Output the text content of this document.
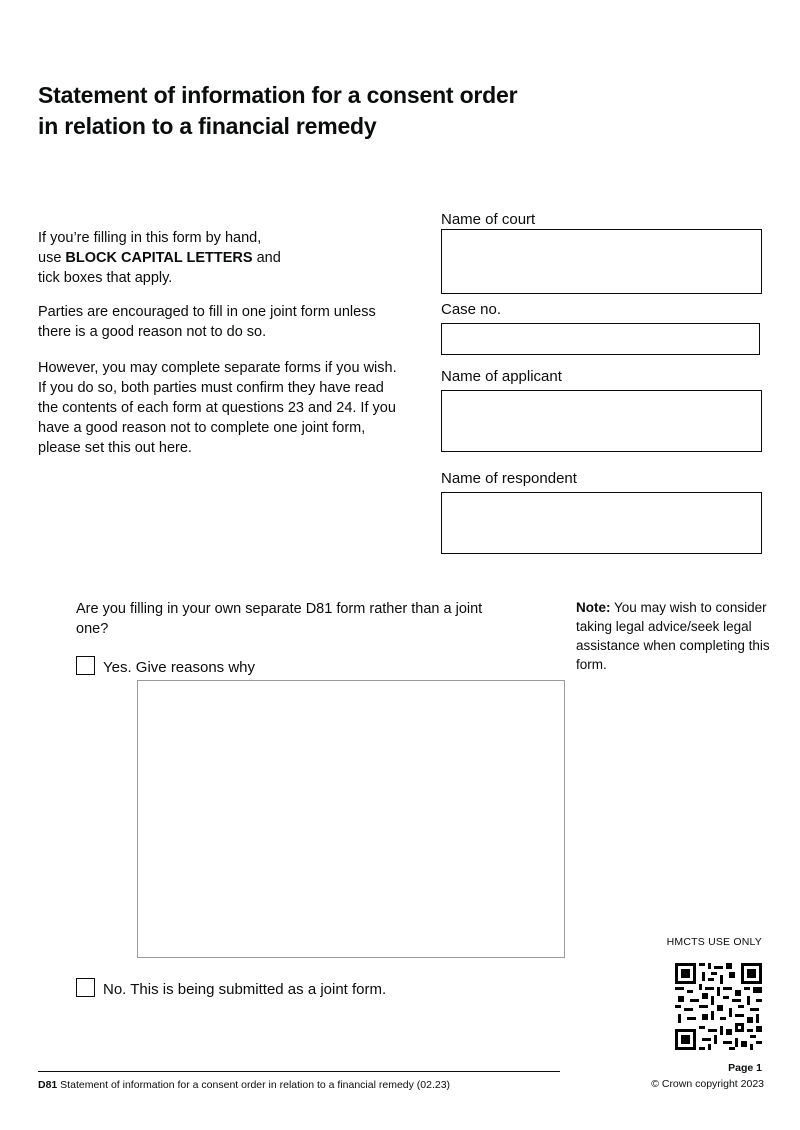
Statement of information for a consent order
in relation to a financial remedy

If you’re filling in this form by hand,

use BLOCK CAPITAL LETTERS and

tick boxes that apply.

Parties are encouraged to fill in one joint form unless there is a good reason not to do so.

However, you may complete separate forms if you wish. If you do so, both parties must confirm they have read the contents of each form at questions 23 and 24. If you have a good reason not to complete one joint form, please set this out here.

Name of court
Case no.
Name of applicant
Name of respondent
Are you filling in your own separate D81 form rather than a joint one?
Note: You may wish to consider taking legal advice/seek legal assistance when completing this form.
Yes. Give reasons why
No. This is being submitted as a joint form.
HMCTS USE ONLY
D81 Statement of information for a consent order in relation to a financial remedy (02.23)
Page 1
© Crown copyright 2023
